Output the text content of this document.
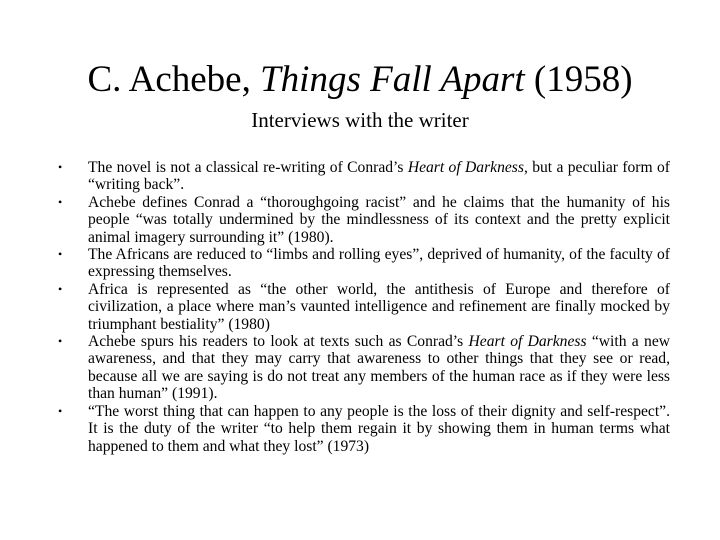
C. Achebe, Things Fall Apart (1958)
Interviews with the writer
•	The novel is not a classical re-writing of Conrad’s Heart of Darkness, but a peculiar form of “writing back”.
•	Achebe defines Conrad a “thoroughgoing racist” and he claims that the humanity of his people “was totally undermined by the mindlessness of its context and the pretty explicit animal imagery surrounding it” (1980).
•	The Africans are reduced to “limbs and rolling eyes”, deprived of humanity, of the faculty of expressing themselves.
•	Africa is represented as “the other world, the antithesis of Europe and therefore of civilization, a place where man’s vaunted intelligence and refinement are finally mocked by triumphant bestiality” (1980)
•	Achebe spurs his readers to look at texts such as Conrad’s Heart of Darkness “with a new awareness, and that they may carry that awareness to other things that they see or read, because all we are saying is do not treat any members of the human race as if they were less than human” (1991).
•	“The worst thing that can happen to any people is the loss of their dignity and self-respect”. It is the duty of the writer “to help them regain it by showing them in human terms what happened to them and what they lost” (1973)
